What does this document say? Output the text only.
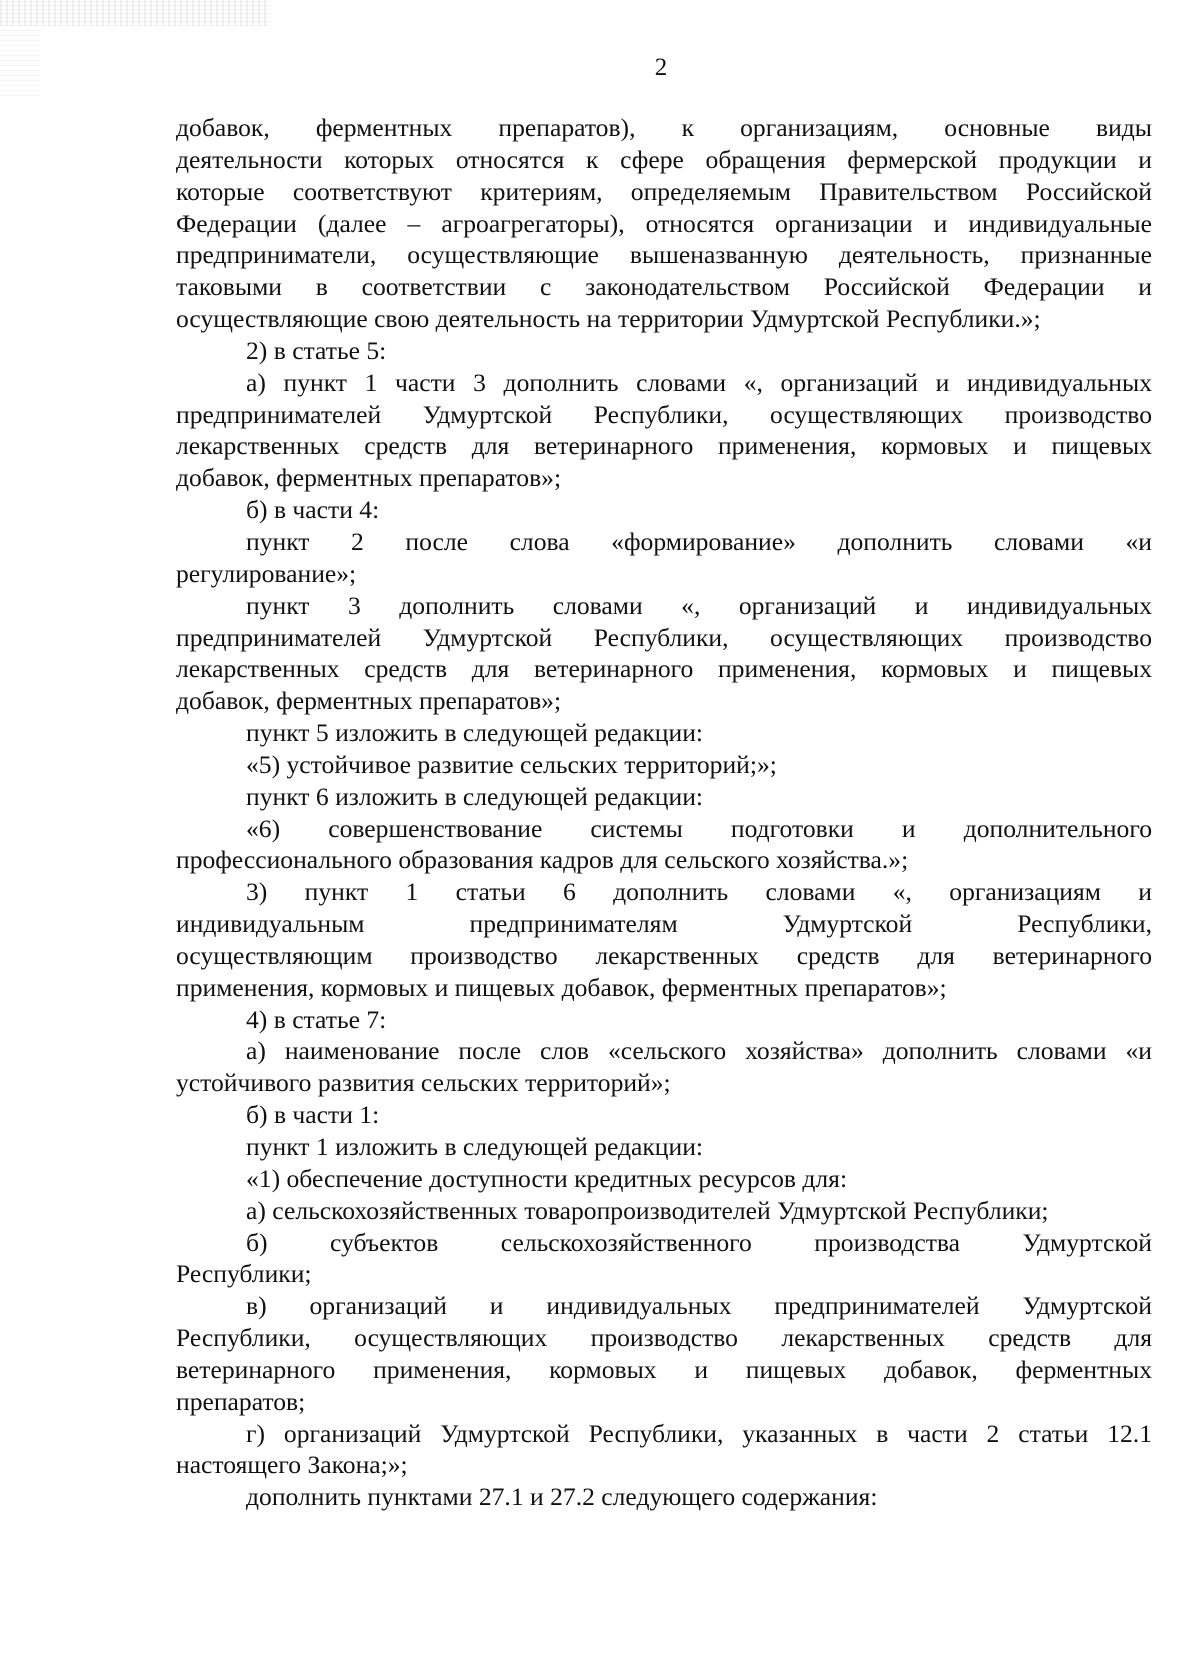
2
добавок, ферментных препаратов), к организациям, основные виды
деятельности которых относятся к сфере обращения фермерской продукции и
которые соответствуют критериям, определяемым Правительством Российской
Федерации (далее – агроагрегаторы), относятся организации и индивидуальные
предприниматели, осуществляющие вышеназванную деятельность, признанные
таковыми в соответствии с законодательством Российской Федерации и
осуществляющие свою деятельность на территории Удмуртской Республики.»;
2) в статье 5:
а) пункт 1 части 3 дополнить словами «, организаций и индивидуальных
предпринимателей Удмуртской Республики, осуществляющих производство
лекарственных средств для ветеринарного применения, кормовых и пищевых
добавок, ферментных препаратов»;
б) в части 4:
пункт 2 после слова «формирование» дополнить словами «и
регулирование»;
пункт 3 дополнить словами «, организаций и индивидуальных
предпринимателей Удмуртской Республики, осуществляющих производство
лекарственных средств для ветеринарного применения, кормовых и пищевых
добавок, ферментных препаратов»;
пункт 5 изложить в следующей редакции:
«5) устойчивое развитие сельских территорий;»;
пункт 6 изложить в следующей редакции:
«6) совершенствование системы подготовки и дополнительного
профессионального образования кадров для сельского хозяйства.»;
3) пункт 1 статьи 6 дополнить словами «, организациям и
индивидуальным предпринимателям Удмуртской Республики,
осуществляющим производство лекарственных средств для ветеринарного
применения, кормовых и пищевых добавок, ферментных препаратов»;
4) в статье 7:
а) наименование после слов «сельского хозяйства» дополнить словами «и
устойчивого развития сельских территорий»;
б) в части 1:
пункт 1 изложить в следующей редакции:
«1) обеспечение доступности кредитных ресурсов для:
а) сельскохозяйственных товаропроизводителей Удмуртской Республики;
б) субъектов сельскохозяйственного производства Удмуртской
Республики;
в) организаций и индивидуальных предпринимателей Удмуртской
Республики, осуществляющих производство лекарственных средств для
ветеринарного применения, кормовых и пищевых добавок, ферментных
препаратов;
г) организаций Удмуртской Республики, указанных в части 2 статьи 12.1
настоящего Закона;»;
дополнить пунктами 27.1 и 27.2 следующего содержания:
